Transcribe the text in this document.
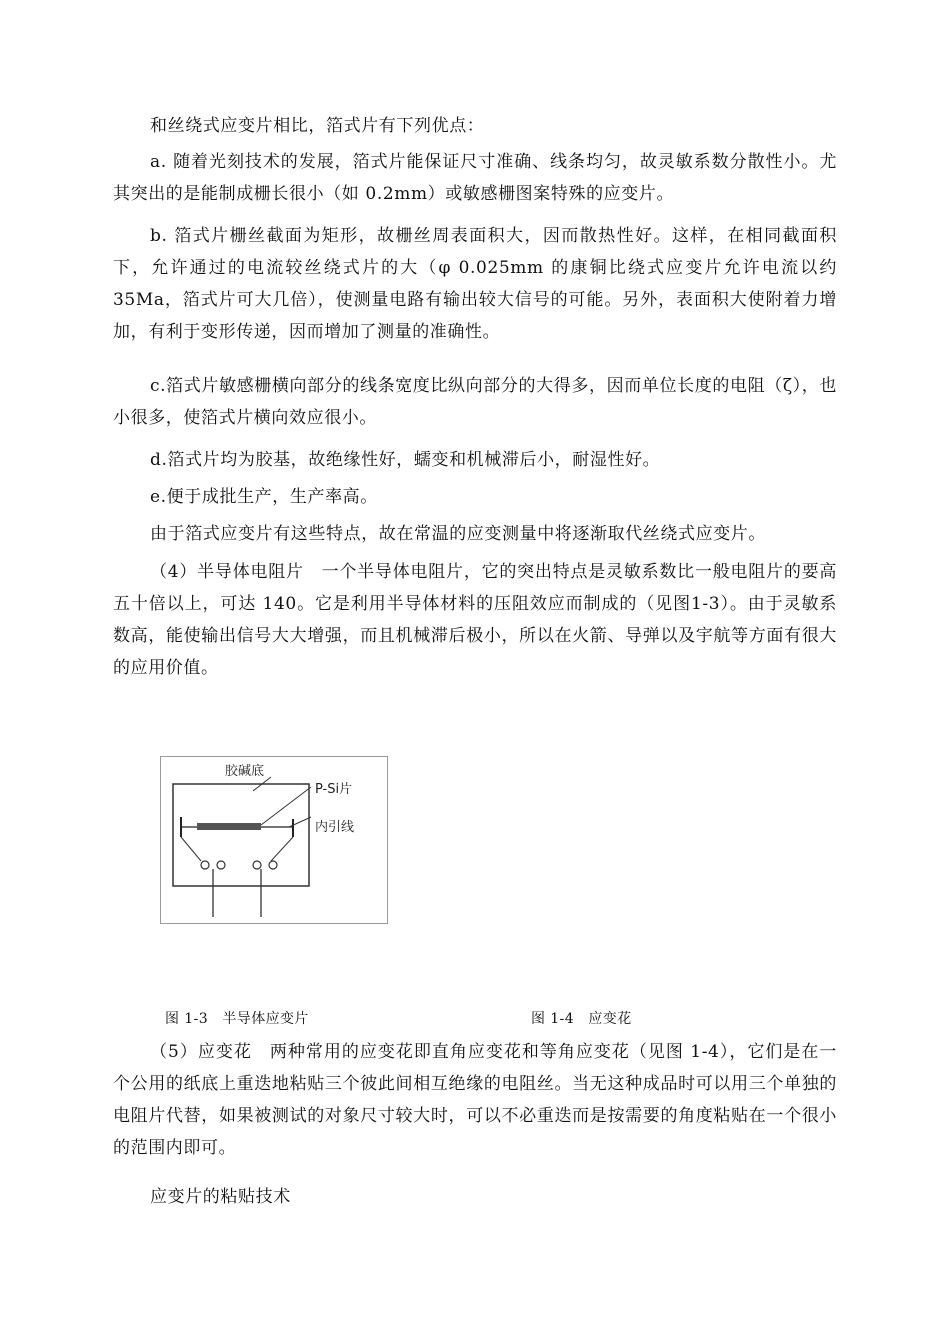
和丝绕式应变片相比，箔式片有下列优点：

a. 随着光刻技术的发展，箔式片能保证尺寸准确、线条均匀，故灵敏系数分散性小。尤其突出的是能制成栅长很小（如 0.2mm）或敏感栅图案特殊的应变片。

b. 箔式片栅丝截面为矩形，故栅丝周表面积大，因而散热性好。这样，在相同截面积下，允许通过的电流较丝绕式片的大（φ 0.025mm 的康铜比绕式应变片允许电流以约35Ma，箔式片可大几倍），使测量电路有输出较大信号的可能。另外，表面积大使附着力增加，有利于变形传递，因而增加了测量的准确性。

c.箔式片敏感栅横向部分的线条宽度比纵向部分的大得多，因而单位长度的电阻（ζ），也小很多，使箔式片横向效应很小。

d.箔式片均为胶基，故绝缘性好，蠕变和机械滞后小，耐湿性好。

e.便于成批生产，生产率高。

由于箔式应变片有这些特点，故在常温的应变测量中将逐渐取代丝绕式应变片。

（4）半导体电阻片　一个半导体电阻片，它的突出特点是灵敏系数比一般电阻片的要高五十倍以上，可达 140。它是利用半导体材料的压阻效应而制成的（见图1-3）。由于灵敏系数高，能使输出信号大大增强，而且机械滞后极小，所以在火箭、导弹以及宇航等方面有很大的应用价值。

胶碱底
P-Si片
内引线
图 1-3　半导体应变片	图 1-4　应变花

（5）应变花　两种常用的应变花即直角应变花和等角应变花（见图 1-4），它们是在一个公用的纸底上重迭地粘贴三个彼此间相互绝缘的电阻丝。当无这种成品时可以用三个单独的电阻片代替，如果被测试的对象尺寸较大时，可以不必重迭而是按需要的角度粘贴在一个很小的范围内即可。

应变片的粘贴技术
